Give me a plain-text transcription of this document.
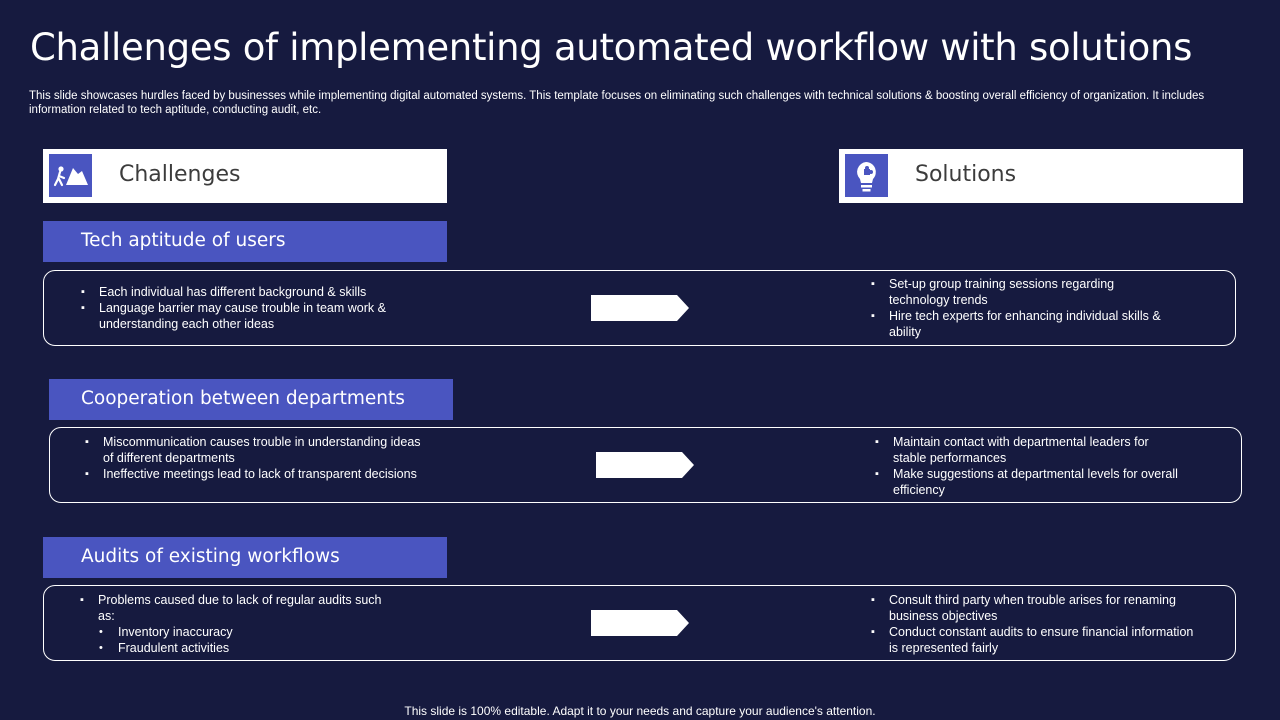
Challenges of implementing automated workflow with solutions
This slide showcases hurdles faced by businesses while implementing digital automated systems. This template focuses on eliminating such challenges with technical solutions & boosting overall efficiency of organization. It includes information related to tech aptitude, conducting audit, etc.
Challenges	Solutions
Tech aptitude of users
▪ Each individual has different background & skills
▪ Language barrier may cause trouble in team work & understanding each other ideas
▪ Set-up group training sessions regarding technology trends
▪ Hire tech experts for enhancing individual skills & ability
Cooperation between departments
▪ Miscommunication causes trouble in understanding ideas of different departments
▪ Ineffective meetings lead to lack of transparent decisions
▪ Maintain contact with departmental leaders for stable performances
▪ Make suggestions at departmental levels for overall efficiency
Audits of existing workflows
▪ Problems caused due to lack of regular audits such as:
• Inventory inaccuracy
• Fraudulent activities
▪ Consult third party when trouble arises for renaming business objectives
▪ Conduct constant audits to ensure financial information is represented fairly
This slide is 100% editable. Adapt it to your needs and capture your audience's attention.
